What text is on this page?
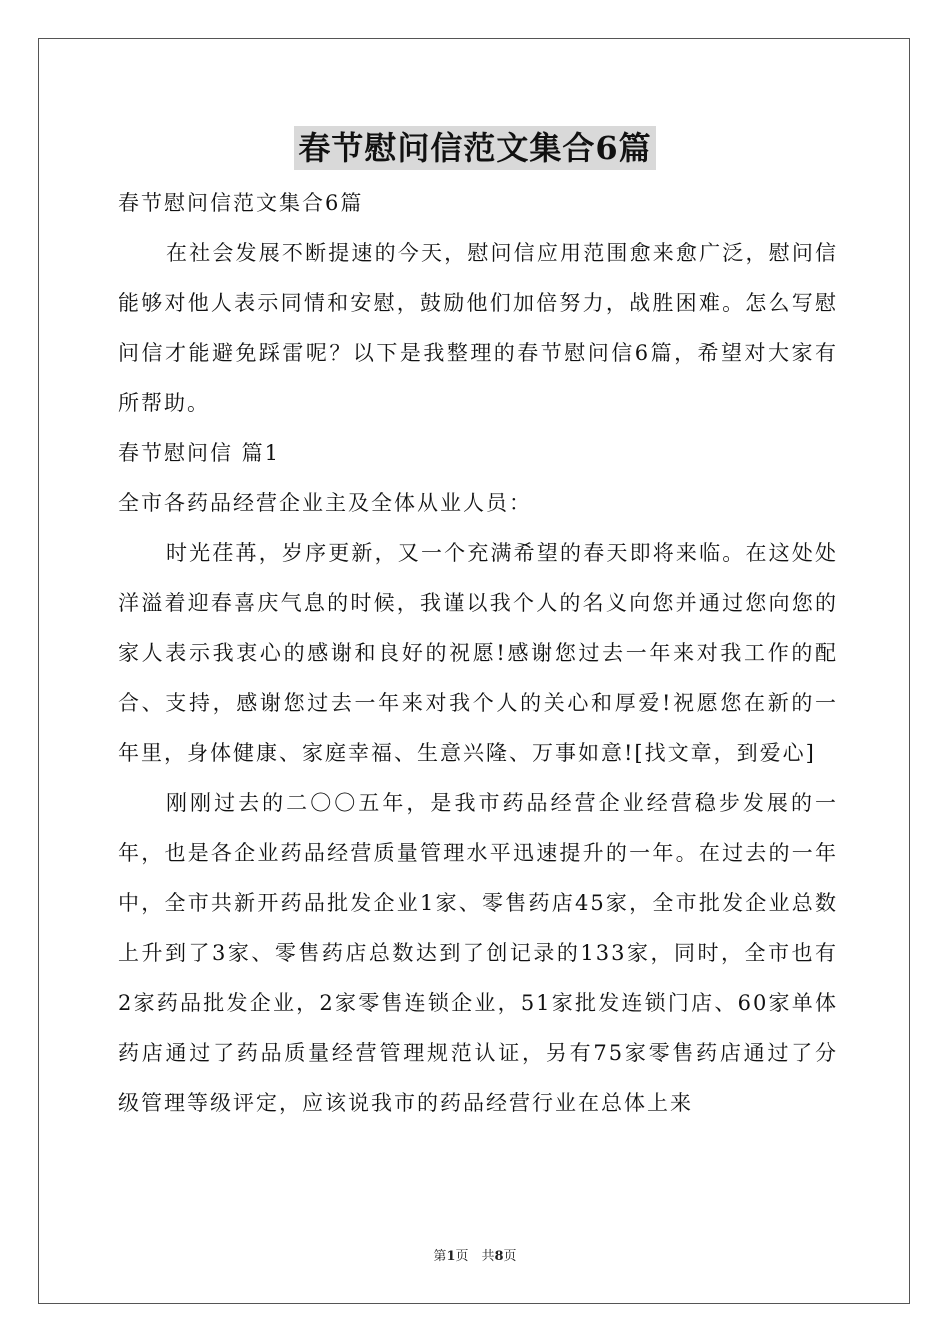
春节慰问信范文集合6篇

春节慰问信范文集合6篇

在社会发展不断提速的今天，慰问信应用范围愈来愈广泛，慰问信能够对他人表示同情和安慰，鼓励他们加倍努力，战胜困难。怎么写慰问信才能避免踩雷呢？以下是我整理的春节慰问信6篇，希望对大家有所帮助。

春节慰问信 篇1

全市各药品经营企业主及全体从业人员：

时光荏苒，岁序更新，又一个充满希望的春天即将来临。在这处处洋溢着迎春喜庆气息的时候，我谨以我个人的名义向您并通过您向您的家人表示我衷心的感谢和良好的祝愿!感谢您过去一年来对我工作的配合、支持，感谢您过去一年来对我个人的关心和厚爱!祝愿您在新的一年里，身体健康、家庭幸福、生意兴隆、万事如意![找文章，到爱心]

刚刚过去的二〇〇五年，是我市药品经营企业经营稳步发展的一年，也是各企业药品经营质量管理水平迅速提升的一年。在过去的一年中，全市共新开药品批发企业1家、零售药店45家，全市批发企业总数上升到了3家、零售药店总数达到了创记录的133家，同时，全市也有2家药品批发企业，2家零售连锁企业，51家批发连锁门店、60家单体药店通过了药品质量经营管理规范认证，另有75家零售药店通过了分级管理等级评定，应该说我市的药品经营行业在总体上来

第1页　共8页
